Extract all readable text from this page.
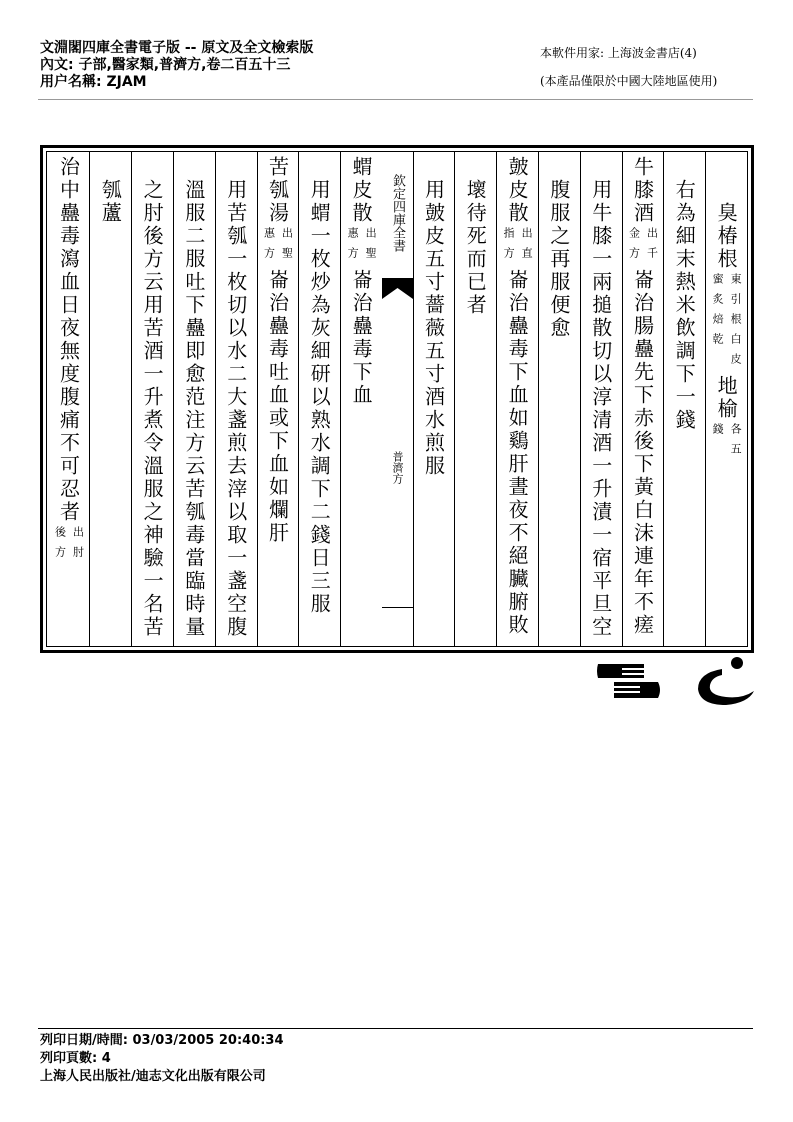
文淵閣四庫全書電子版 -- 原文及全文檢索版
內文: 子部,醫家類,普濟方,卷二百五十三
用户名稱: ZJAM
本軟件用家: 上海波金書店(4)
(本產品僅限於中國大陸地區使用)
欽定四庫全書
普濟方
臭椿根
東引根白皮
蜜炙焙乾
地榆
各五
錢
右為細末熱米飲調下一錢
牛膝酒
出千
金方
崙治腸蠱先下赤後下黃白沫連年不瘥
用牛膝一兩搥散切以淳清酒一升漬一宿平旦空
腹服之再服便愈
皷皮散
出直
指方
崙治蠱毒下血如鷄肝晝夜不絕臟腑敗
壞待死而已者
用皷皮五寸薔薇五寸酒水煎服
蝟皮散
出聖
惠方
崙治蠱毒下血
用蝟一枚炒為灰細研以熟水調下二錢日三服
苦瓠湯
出聖
惠方
崙治蠱毒吐血或下血如爛肝
用苦瓠一枚切以水二大盞煎去滓以取一盞空腹
溫服二服吐下蠱即愈范注方云苦瓠毒當臨時量
之肘後方云用苦酒一升煮令溫服之神驗一名苦
瓠蘆
治中蠱毒瀉血日夜無度腹痛不可忍者
出肘
後方
列印日期/時間: 03/03/2005 20:40:34
列印頁數: 4
上海人民出版社/迪志文化出版有限公司
